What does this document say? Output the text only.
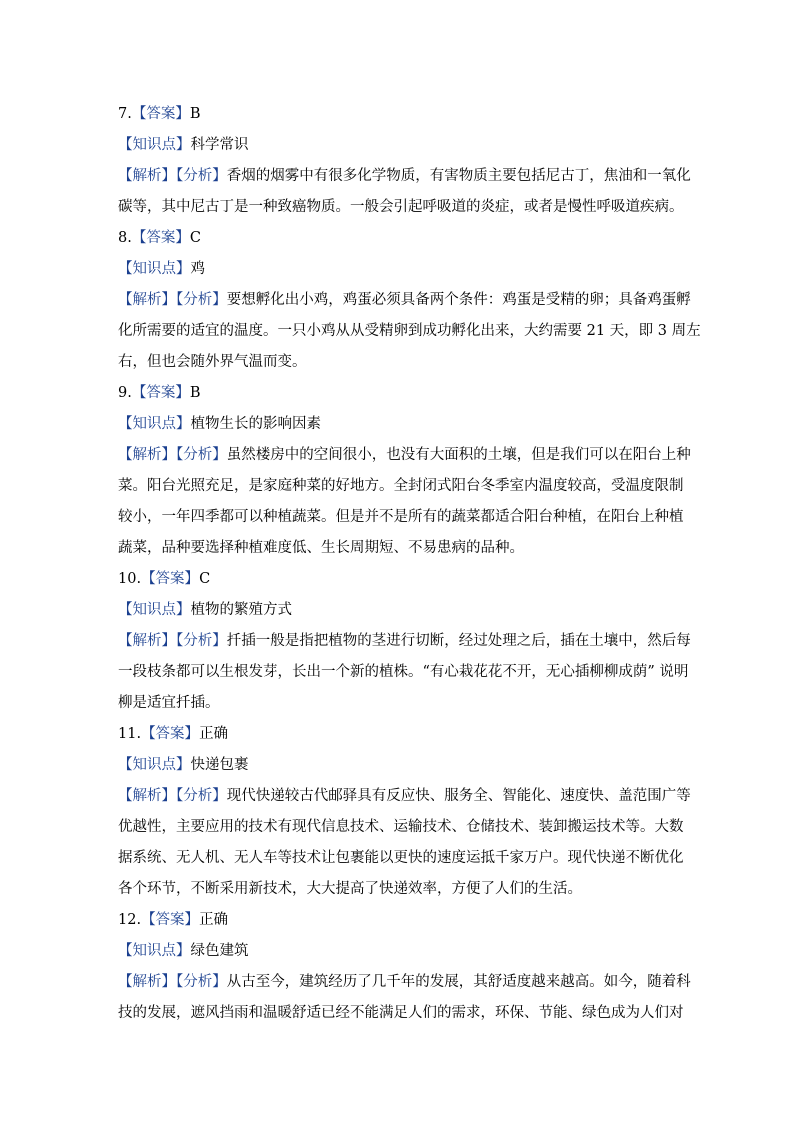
7.【答案】B
【知识点】科学常识
【解析】【分析】香烟的烟雾中有很多化学物质，有害物质主要包括尼古丁，焦油和一氧化
碳等，其中尼古丁是一种致癌物质。一般会引起呼吸道的炎症，或者是慢性呼吸道疾病。
8.【答案】C
【知识点】鸡
【解析】【分析】要想孵化出小鸡，鸡蛋必须具备两个条件：鸡蛋是受精的卵；具备鸡蛋孵
化所需要的适宜的温度。一只小鸡从从受精卵到成功孵化出来，大约需要 21 天，即 3 周左
右，但也会随外界气温而变。
9.【答案】B
【知识点】植物生长的影响因素
【解析】【分析】虽然楼房中的空间很小，也没有大面积的土壤，但是我们可以在阳台上种
菜。阳台光照充足，是家庭种菜的好地方。全封闭式阳台冬季室内温度较高，受温度限制
较小，一年四季都可以种植蔬菜。但是并不是所有的蔬菜都适合阳台种植，在阳台上种植
蔬菜，品种要选择种植难度低、生长周期短、不易患病的品种。
10.【答案】C
【知识点】植物的繁殖方式
【解析】【分析】扦插一般是指把植物的茎进行切断，经过处理之后，插在土壤中，然后每
一段枝条都可以生根发芽，长出一个新的植株。“有心栽花花不开，无心插柳柳成荫” 说明
柳是适宜扦插。
11.【答案】正确
【知识点】快递包裹
【解析】【分析】现代快递较古代邮驿具有反应快、服务全、智能化、速度快、盖范围广等
优越性，主要应用的技术有现代信息技术、运输技术、仓储技术、装卸搬运技术等。大数
据系统、无人机、无人车等技术让包裹能以更快的速度运抵千家万户。现代快递不断优化
各个环节，不断采用新技术，大大提高了快递效率，方便了人们的生活。
12.【答案】正确
【知识点】绿色建筑
【解析】【分析】从古至今，建筑经历了几千年的发展，其舒适度越来越高。如今，随着科
技的发展，遮风挡雨和温暖舒适已经不能满足人们的需求，环保、节能、绿色成为人们对
